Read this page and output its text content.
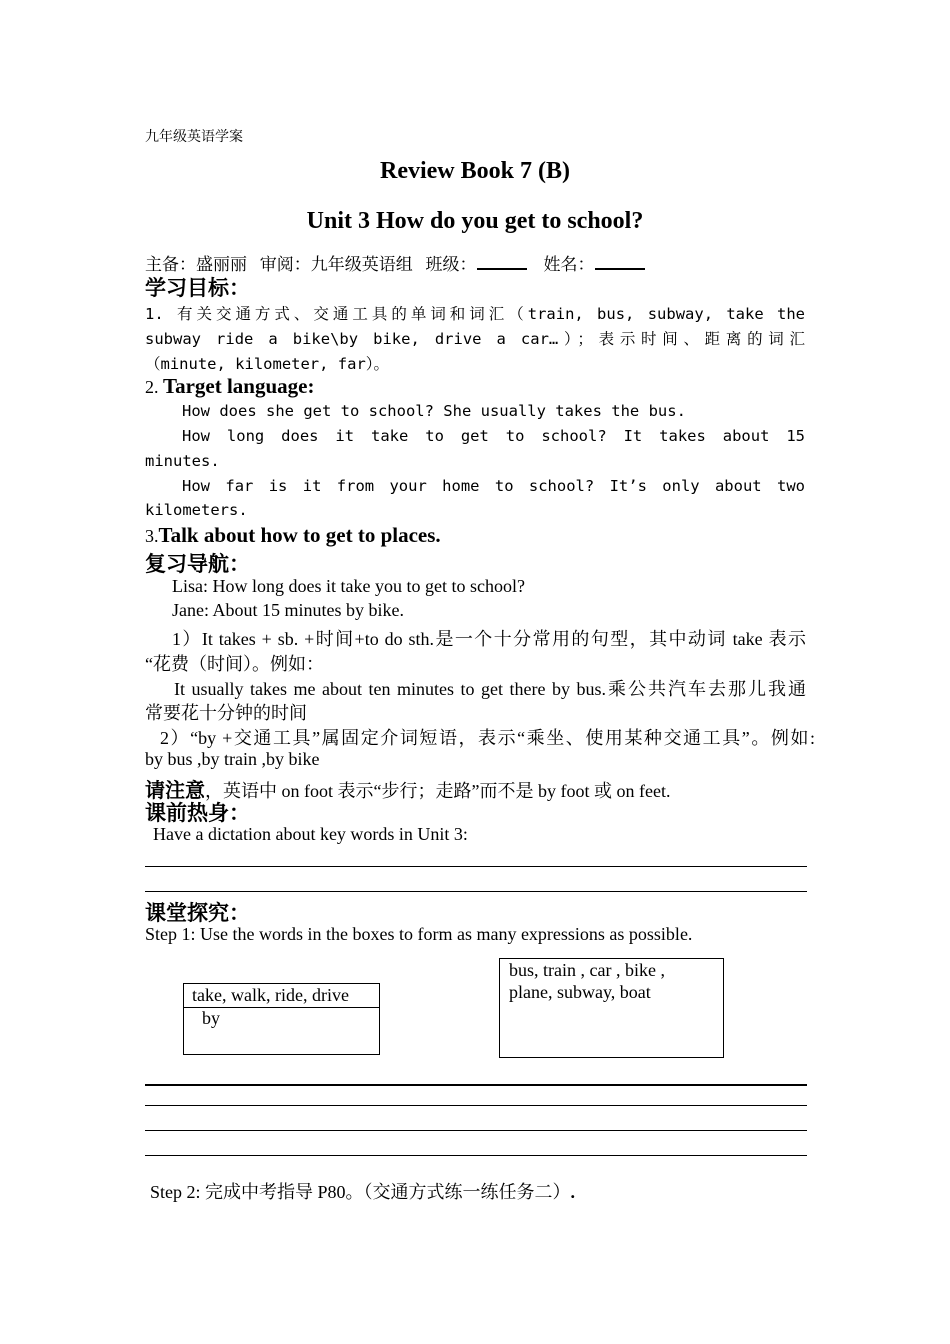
九年级英语学案
Review Book 7 (B)
Unit 3 How do you get to school?
主备：盛丽丽 审阅：九年级英语组 班级：	姓名：
学习目标：
1. 有关交通方式、交通工具的单词和词汇（train, bus, subway, take the
subway ride a bike\by bike, drive a car…）；表示时间、距离的词汇
（minute, kilometer, far）。
2. Target language:
How does she get to school? She usually takes the bus.
How long does it take to get to school? It takes about 15
minutes.
How far is it from your home to school? It’s only about two
kilometers.
3.Talk about how to get to places.
复习导航：
Lisa: How long does it take you to get to school?
Jane: About 15 minutes by bike.
1）It takes + sb. +时间+to do sth.是一个十分常用的句型，其中动词 take 表示
“花费（时间）。例如：
It usually takes me about ten minutes to get there by bus.乘公共汽车去那儿我通
常要花十分钟的时间
2）“by +交通工具”属固定介词短语，表示“乘坐、使用某种交通工具”。例如:
by bus ,by train ,by bike
请注意，英语中 on foot 表示“步行；走路”而不是 by foot 或 on feet.
课前热身：
Have a dictation about key words in Unit 3:
课堂探究：
Step 1: Use the words in the boxes to form as many expressions as possible.
take, walk, ride, drive
by
bus, train , car , bike ,
plane, subway, boat
Step 2: 完成中考指导 P80。（交通方式练一练任务二）.
